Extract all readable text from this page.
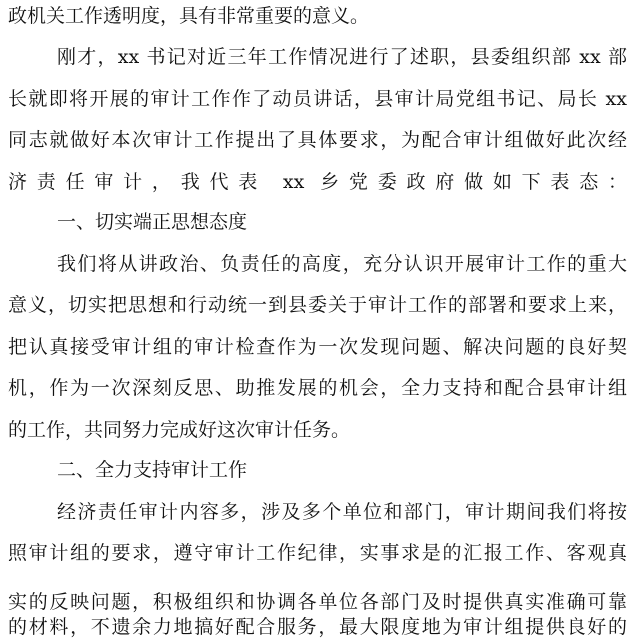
政机关工作透明度，具有非常重要的意义。
刚才，xx 书记对近三年工作情况进行了述职，县委组织部 xx 部
长就即将开展的审计工作作了动员讲话，县审计局党组书记、局长 xx
同志就做好本次审计工作提出了具体要求，为配合审计组做好此次经
济责任审计，我代表 xx 乡党委政府做如下表态：
一、切实端正思想态度
我们将从讲政治、负责任的高度，充分认识开展审计工作的重大
意义，切实把思想和行动统一到县委关于审计工作的部署和要求上来，
把认真接受审计组的审计检查作为一次发现问题、解决问题的良好契
机，作为一次深刻反思、助推发展的机会，全力支持和配合县审计组
的工作，共同努力完成好这次审计任务。
二、全力支持审计工作
经济责任审计内容多，涉及多个单位和部门，审计期间我们将按
照审计组的要求，遵守审计工作纪律，实事求是的汇报工作、客观真
实的反映问题，积极组织和协调各单位各部门及时提供真实准确可靠
的材料，不遗余力地搞好配合服务，最大限度地为审计组提供良好的
